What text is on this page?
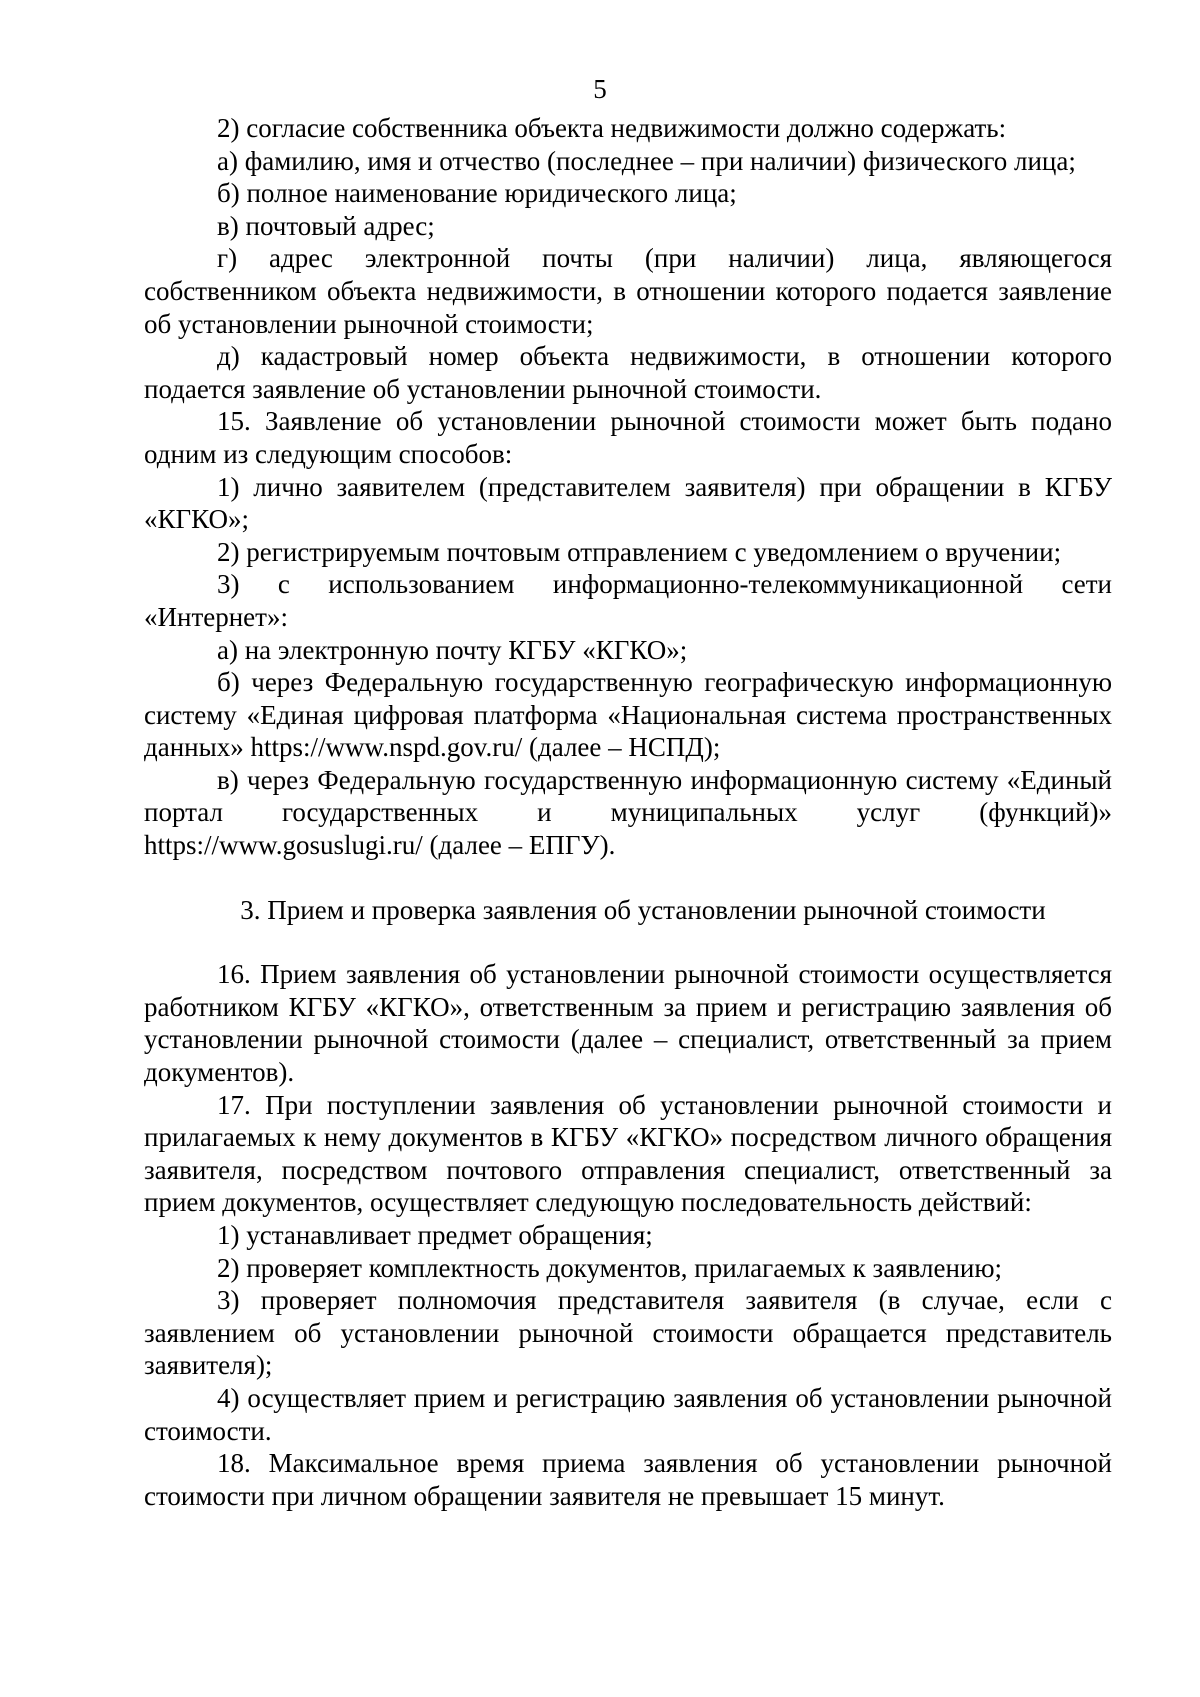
5

2) согласие собственника объекта недвижимости должно содержать:

а) фамилию, имя и отчество (последнее – при наличии) физического лица;

б) полное наименование юридического лица;

в) почтовый адрес;

г) адрес электронной почты (при наличии) лица, являющегося собственником объекта недвижимости, в отношении которого подается заявление об установлении рыночной стоимости;

д) кадастровый номер объекта недвижимости, в отношении которого подается заявление об установлении рыночной стоимости.

15. Заявление об установлении рыночной стоимости может быть подано одним из следующим способов:

1) лично заявителем (представителем заявителя) при обращении в КГБУ «КГКО»;

2) регистрируемым почтовым отправлением с уведомлением о вручении;

3) с использованием информационно-телекоммуникационной сети «Интернет»:

а) на электронную почту КГБУ «КГКО»;

б) через Федеральную государственную географическую информационную систему «Единая цифровая платформа «Национальная система пространственных данных» https://www.nspd.gov.ru/ (далее – НСПД);

в) через Федеральную государственную информационную систему «Единый портал государственных и муниципальных услуг (функций)» https://www.gosuslugi.ru/ (далее – ЕПГУ).

3. Прием и проверка заявления об установлении рыночной стоимости

16. Прием заявления об установлении рыночной стоимости осуществляется работником КГБУ «КГКО», ответственным за прием и регистрацию заявления об установлении рыночной стоимости (далее – специалист, ответственный за прием документов).

17. При поступлении заявления об установлении рыночной стоимости и прилагаемых к нему документов в КГБУ «КГКО» посредством личного обращения заявителя, посредством почтового отправления специалист, ответственный за прием документов, осуществляет следующую последовательность действий:

1) устанавливает предмет обращения;

2) проверяет комплектность документов, прилагаемых к заявлению;

3) проверяет полномочия представителя заявителя (в случае, если с заявлением об установлении рыночной стоимости обращается представитель заявителя);

4) осуществляет прием и регистрацию заявления об установлении рыночной стоимости.

18. Максимальное время приема заявления об установлении рыночной стоимости при личном обращении заявителя не превышает 15 минут.
